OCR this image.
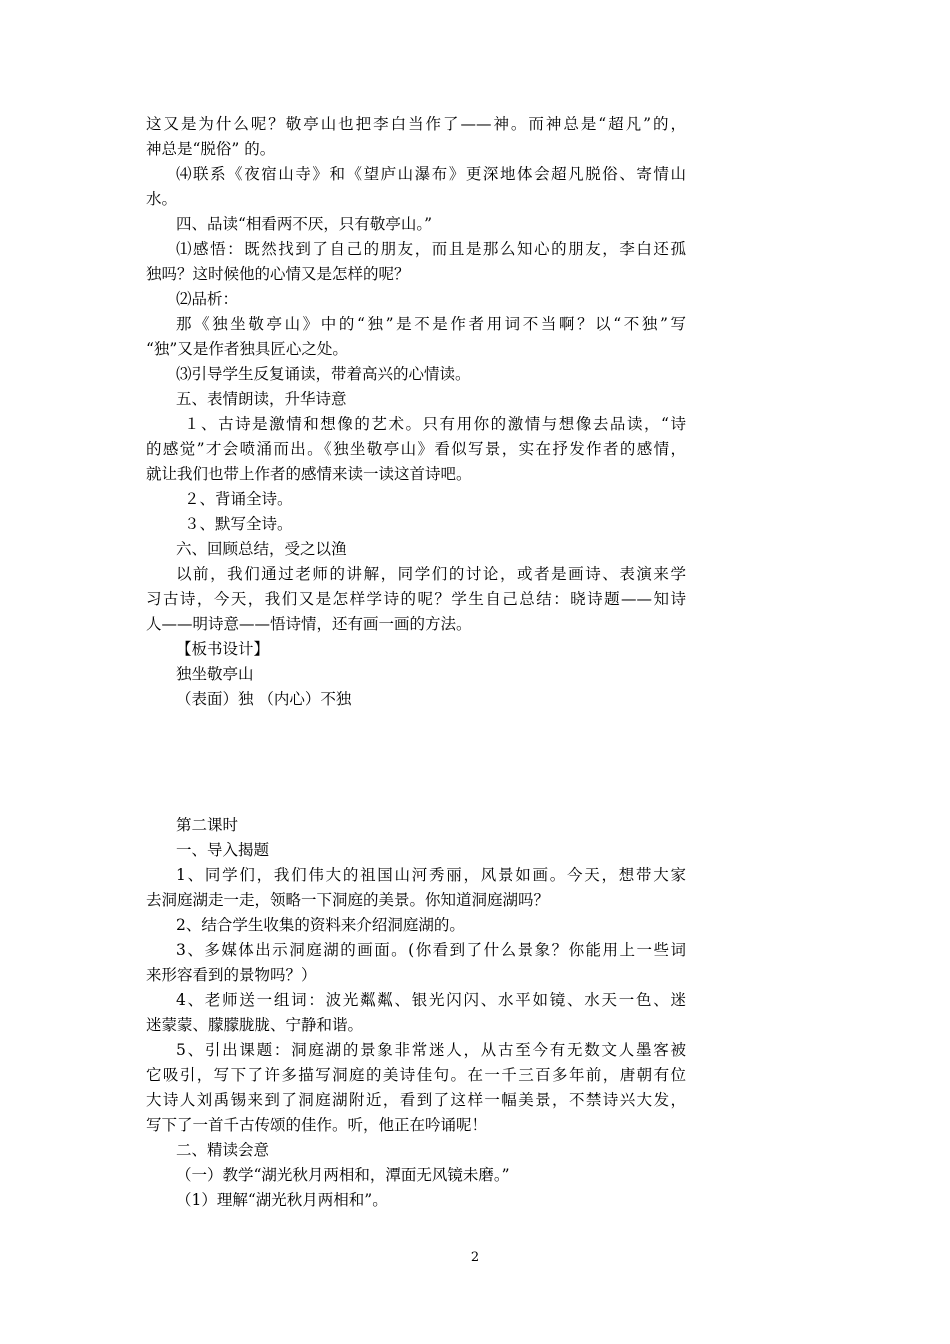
这又是为什么呢？敬亭山也把李白当作了——神。而神总是“超凡”的，
神总是“脱俗” 的。
⑷联系《夜宿山寺》和《望庐山瀑布》更深地体会超凡脱俗、寄情山
水。
四、品读“相看两不厌，只有敬亭山。”
⑴感悟：既然找到了自己的朋友，而且是那么知心的朋友，李白还孤
独吗？这时候他的心情又是怎样的呢？
⑵品析：
那《独坐敬亭山》中的“独”是不是作者用词不当啊？以“不独”写
“独”又是作者独具匠心之处。
⑶引导学生反复诵读，带着高兴的心情读。
五、表情朗读，升华诗意
１、古诗是激情和想像的艺术。只有用你的激情与想像去品读，“诗
的感觉”才会喷涌而出。《独坐敬亭山》看似写景，实在抒发作者的感情，
就让我们也带上作者的感情来读一读这首诗吧。
２、背诵全诗。
３、默写全诗。
六、回顾总结，受之以渔
以前，我们通过老师的讲解，同学们的讨论，或者是画诗、表演来学
习古诗，今天，我们又是怎样学诗的呢？学生自己总结：晓诗题——知诗
人——明诗意——悟诗情，还有画一画的方法。
【板书设计】
独坐敬亭山
（表面）独 （内心）不独
第二课时
一、导入揭题
1、同学们，我们伟大的祖国山河秀丽，风景如画。今天，想带大家
去洞庭湖走一走，领略一下洞庭的美景。你知道洞庭湖吗？
2、结合学生收集的资料来介绍洞庭湖的。
3、多媒体出示洞庭湖的画面。(你看到了什么景象？你能用上一些词
来形容看到的景物吗？）
4、老师送一组词：波光粼粼、银光闪闪、水平如镜、水天一色、迷
迷蒙蒙、朦朦胧胧、宁静和谐。
5、引出课题：洞庭湖的景象非常迷人，从古至今有无数文人墨客被
它吸引，写下了许多描写洞庭的美诗佳句。在一千三百多年前，唐朝有位
大诗人刘禹锡来到了洞庭湖附近，看到了这样一幅美景，不禁诗兴大发，
写下了一首千古传颂的佳作。听，他正在吟诵呢！
二、精读会意
（一）教学“湖光秋月两相和，潭面无风镜未磨。”
（1）理解“湖光秋月两相和”。
2
